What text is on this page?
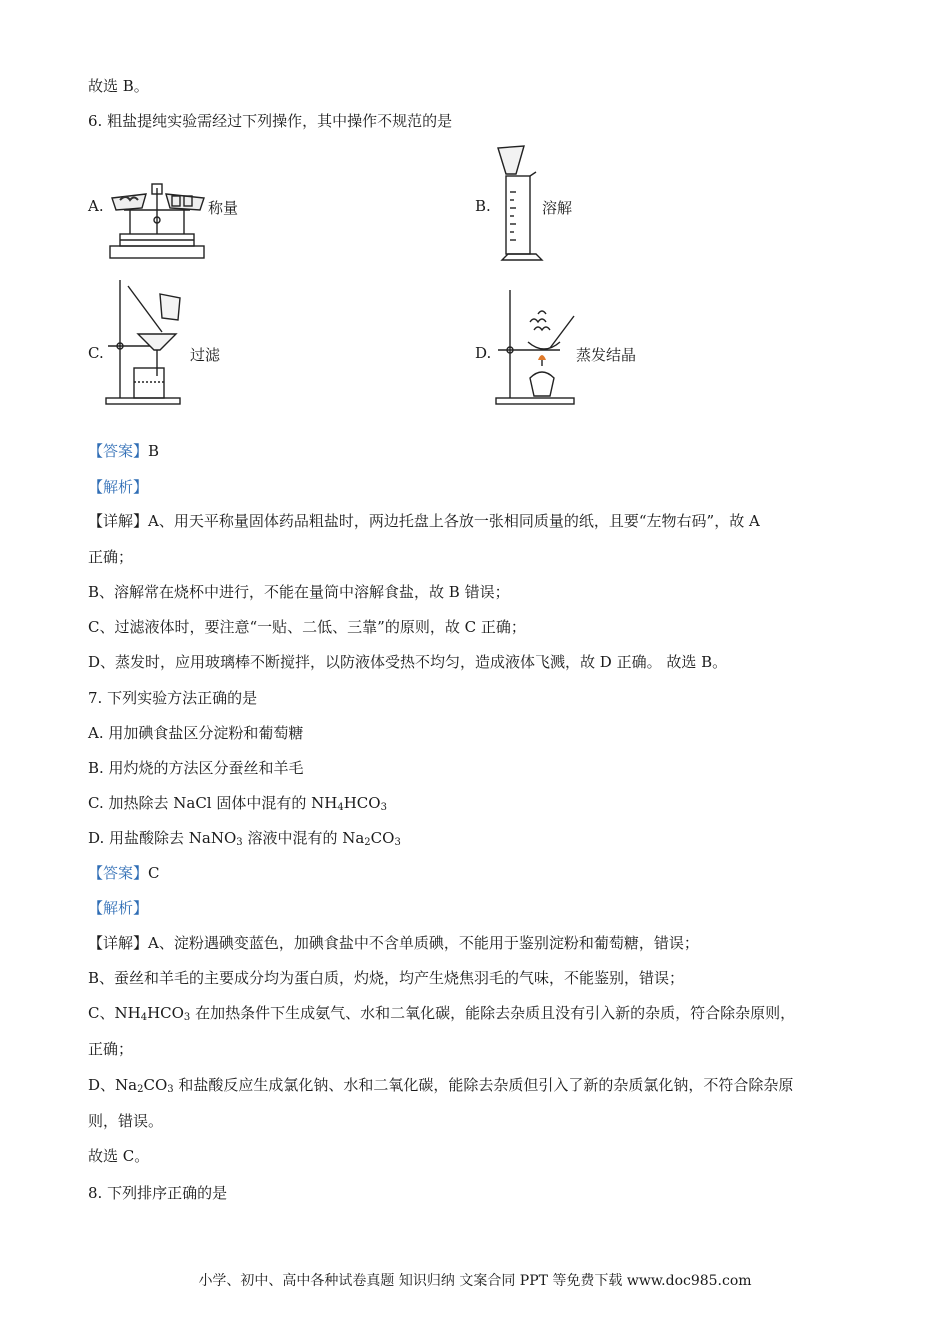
故选 B。
6. 粗盐提纯实验需经过下列操作，其中操作不规范的是
A.	称量	B.	溶解
C.	过滤	D.	蒸发结晶
【答案】B
【解析】
【详解】A、用天平称量固体药品粗盐时，两边托盘上各放一张相同质量的纸，且要“左物右码”，故 A
正确；
B、溶解常在烧杯中进行，不能在量筒中溶解食盐，故 B 错误；
C、过滤液体时，要注意“一贴、二低、三靠”的原则，故 C 正确；
D、蒸发时，应用玻璃棒不断搅拌，以防液体受热不均匀，造成液体飞溅，故 D 正确。 故选 B。
7. 下列实验方法正确的是
A. 用加碘食盐区分淀粉和葡萄糖
B. 用灼烧的方法区分蚕丝和羊毛
C. 加热除去 NaCl 固体中混有的 $NH_4HCO_3$
D. 用盐酸除去 NaNO$_3$ 溶液中混有的 $Na_2CO_3$
【答案】C
【解析】
【详解】A、淀粉遇碘变蓝色，加碘食盐中不含单质碘，不能用于鉴别淀粉和葡萄糖，错误；
B、蚕丝和羊毛的主要成分均为蛋白质，灼烧，均产生烧焦羽毛的气味，不能鉴别，错误；
C、$NH_4HCO_3$ 在加热条件下生成氨气、水和二氧化碳，能除去杂质且没有引入新的杂质，符合除杂原则，
正确；
D、$Na_2CO_3$ 和盐酸反应生成氯化钠、水和二氧化碳，能除去杂质但引入了新的杂质氯化钠，不符合除杂原
则，错误。
故选 C。
8. 下列排序正确的是
小学、初中、高中各种试卷真题 知识归纳 文案合同 PPT 等免费下载 www.doc985.com
